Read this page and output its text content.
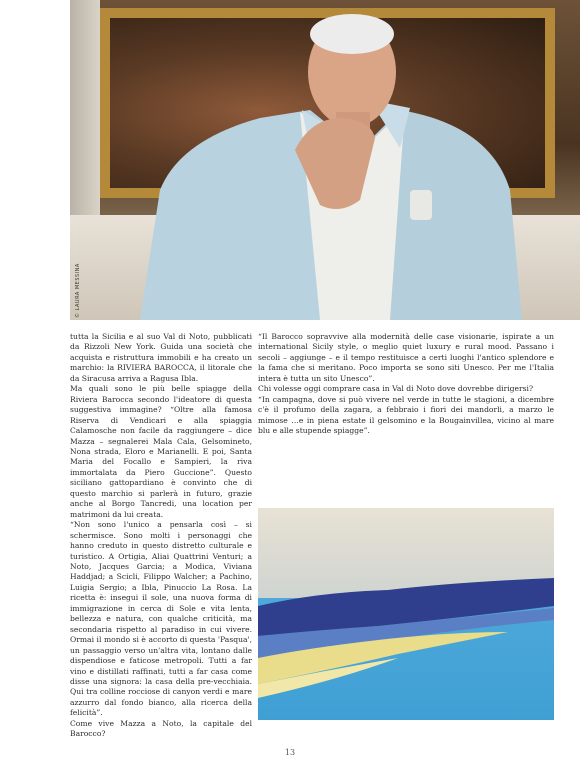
© LAURA MESSINA

tutta la Sicilia e al suo Val di Noto, pubblicati da Rizzoli New York. Guida una società che acquista e ristruttura immobili e ha creato un marchio: la RIVIERA BAROCCA, il litorale che da Siracusa arriva a Ragusa Ibla.

Ma quali sono le più belle spiagge della Riviera Barocca secondo l'ideatore di questa suggestiva immagine? “Oltre alla famosa Riserva di Vendicari e alla spiaggia Calamosche non facile da raggiungere – dice Mazza – segnalerei Mala Cala, Gelsomineto, Nona strada, Eloro e Marianelli. E poi, Santa Maria del Focallo e Sampieri, la riva immortalata da Piero Guccione”. Questo siciliano gattopardiano è convinto che di questo marchio si parlerà in futuro, grazie anche al Borgo Tancredi, una location per matrimoni da lui creata.

“Non sono l'unico a pensarla così – si schermisce. Sono molti i personaggi che hanno creduto in questo distretto culturale e turistico. A Ortigia, Aliai Quattrini Venturi; a Noto, Jacques Garcia; a Modica, Viviana Haddjad; a Scicli, Filippo Walcher; a Pachino, Luigia Sergio; a Ibla, Pinuccio La Rosa. La ricetta è: insegui il sole, una nuova forma di immigrazione in cerca di Sole e vita lenta, bellezza e natura, con qualche criticità, ma secondaria rispetto al paradiso in cui vivere. Ormai il mondo si è accorto di questa 'Pasqua', un passaggio verso un'altra vita, lontano dalle dispendiose e faticose metropoli. Tutti a far vino e distillati raffinati, tutti a far casa come disse una signora: la casa della pre-vecchiaia. Qui tra colline rocciose di canyon verdi e mare azzurro dal fondo bianco, alla ricerca della felicità”.

Come vive Mazza a Noto, la capitale del Barocco?

“Il Barocco sopravvive alla modernità delle case visionarie, ispirate a un international Sicily style, o meglio quiet luxury e rural mood. Passano i secoli – aggiunge – e il tempo restituisce a certi luoghi l'antico splendore e la fama che si meritano. Poco importa se sono siti Unesco. Per me l'Italia intera è tutta un sito Unesco”.

Chi volesse oggi comprare casa in Val di Noto dove dovrebbe dirigersi?

“In campagna, dove si può vivere nel verde in tutte le stagioni, a dicembre c'è il profumo della zagara, a febbraio i fiori dei mandorli, a marzo le mimose …e in piena estate il gelsomino e la Bougainvillea, vicino al mare blu e alle stupende spiagge”.

13
